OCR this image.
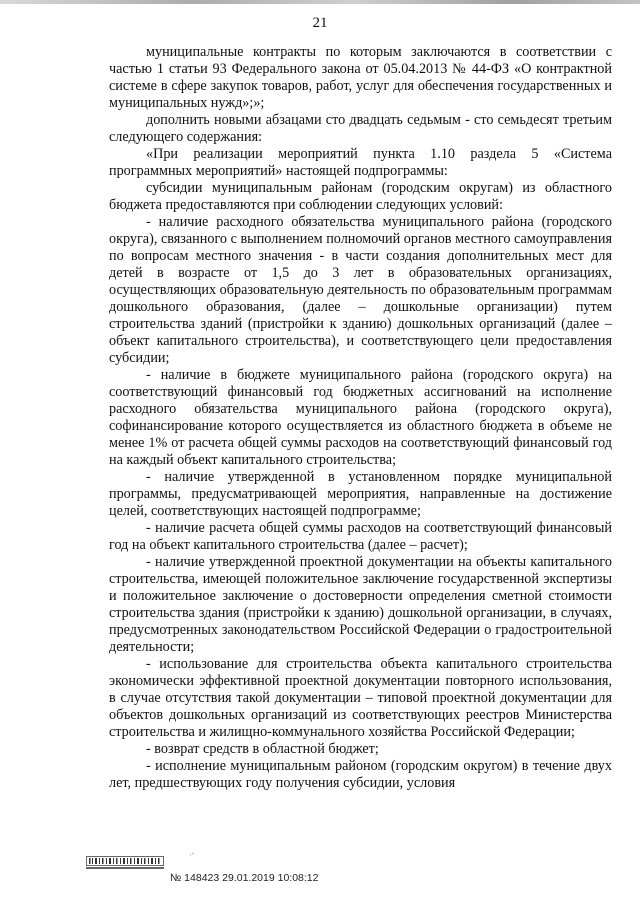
21

муниципальные контракты по которым заключаются в соответствии с частью 1 статьи 93 Федерального закона от 05.04.2013 № 44-ФЗ «О контрактной системе в сфере закупок товаров, работ, услуг для обеспечения государственных и муниципальных нужд»;»;

дополнить новыми абзацами сто двадцать седьмым - сто семьдесят третьим следующего содержания:

«При реализации мероприятий пункта 1.10 раздела 5 «Система программных мероприятий» настоящей подпрограммы:

субсидии муниципальным районам (городским округам) из областного бюджета предоставляются при соблюдении следующих условий:

- наличие расходного обязательства муниципального района (городского округа), связанного с выполнением полномочий органов местного самоуправления по вопросам местного значения - в части создания дополнительных мест для детей в возрасте от 1,5 до 3 лет в образовательных организациях, осуществляющих образовательную деятельность по образовательным программам дошкольного образования, (далее – дошкольные организации) путем строительства зданий (пристройки к зданию) дошкольных организаций (далее – объект капитального строительства), и соответствующего цели предоставления субсидии;

- наличие в бюджете муниципального района (городского округа) на соответствующий финансовый год бюджетных ассигнований на исполнение расходного обязательства муниципального района (городского округа), софинансирование которого осуществляется из областного бюджета в объеме не менее 1% от расчета общей суммы расходов на соответствующий финансовый год на каждый объект капитального строительства;

- наличие утвержденной в установленном порядке муниципальной программы, предусматривающей мероприятия, направленные на достижение целей, соответствующих настоящей подпрограмме;

- наличие расчета общей суммы расходов на соответствующий финансовый год на объект капитального строительства (далее – расчет);

- наличие утвержденной проектной документации на объекты капитального строительства, имеющей положительное заключение государственной экспертизы и положительное заключение о достоверности определения сметной стоимости строительства здания (пристройки к зданию) дошкольной организации, в случаях, предусмотренных законодательством Российской Федерации о градостроительной деятельности;

- использование для строительства объекта капитального строительства экономически эффективной проектной документации повторного использования, в случае отсутствия такой документации – типовой проектной документации для объектов дошкольных организаций из соответствующих реестров Министерства строительства и жилищно-коммунального хозяйства Российской Федерации;

- возврат средств в областной бюджет;

- исполнение муниципальным районом (городским округом) в течение двух лет, предшествующих году получения субсидии, условия

·ʼ
№ 148423 29.01.2019 10:08:12
